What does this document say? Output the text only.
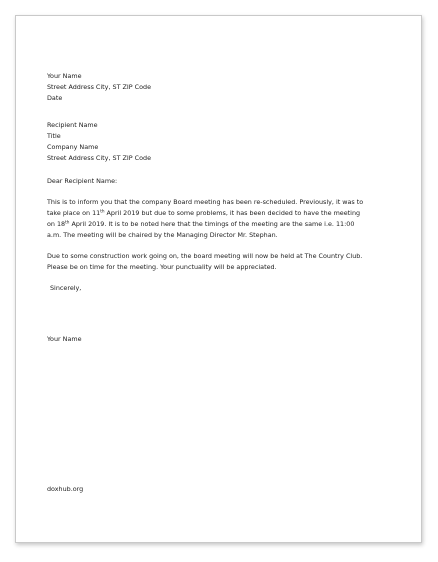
Your Name
Street Address City, ST ZIP Code
Date
Recipient Name
Title
Company Name
Street Address City, ST ZIP Code
Dear Recipient Name:
This is to inform you that the company Board meeting has been re-scheduled. Previously, it was to take place on 11th April 2019 but due to some problems, it has been decided to have the meeting on 18th April 2019. It is to be noted here that the timings of the meeting are the same i.e. 11:00 a.m. The meeting will be chaired by the Managing Director Mr. Stephan.
Due to some construction work going on, the board meeting will now be held at The Country Club. Please be on time for the meeting. Your punctuality will be appreciated.
Sincerely,
Your Name
doxhub.org
